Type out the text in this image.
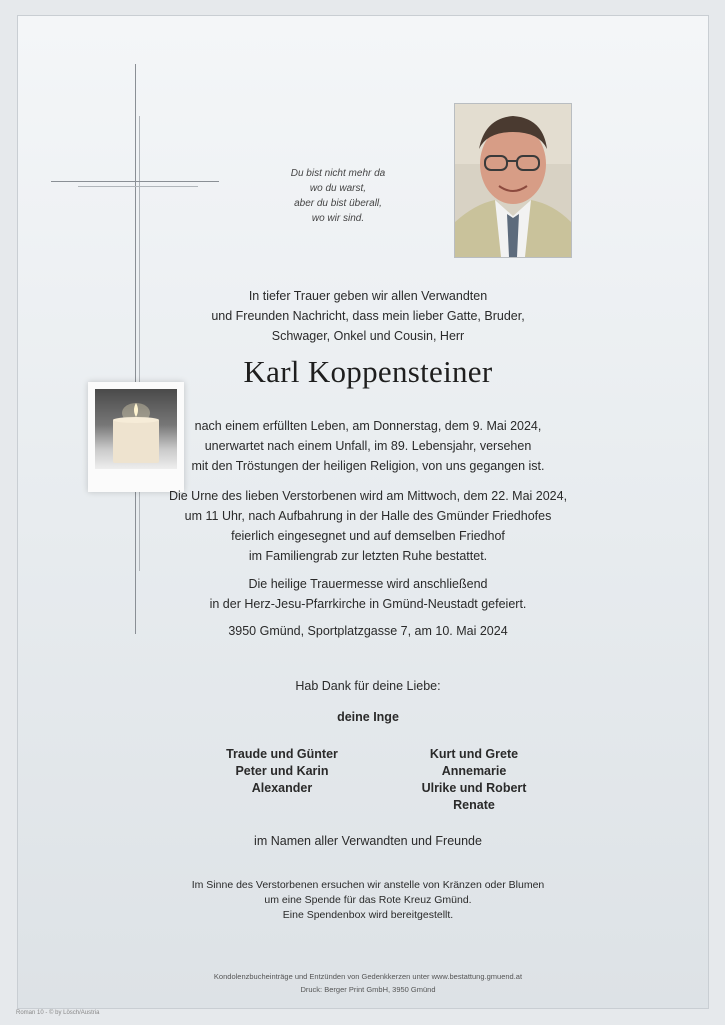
Du bist nicht mehr da
wo du warst,
aber du bist überall,
wo wir sind.
In tiefer Trauer geben wir allen Verwandten
und Freunden Nachricht, dass mein lieber Gatte, Bruder,
Schwager, Onkel und Cousin, Herr
Karl Koppensteiner
nach einem erfüllten Leben, am Donnerstag, dem 9. Mai 2024,
unerwartet nach einem Unfall, im 89. Lebensjahr, versehen
mit den Tröstungen der heiligen Religion, von uns gegangen ist.
Die Urne des lieben Verstorbenen wird am Mittwoch, dem 22. Mai 2024,
um 11 Uhr, nach Aufbahrung in der Halle des Gmünder Friedhofes
feierlich eingesegnet und auf demselben Friedhof
im Familiengrab zur letzten Ruhe bestattet.
Die heilige Trauermesse wird anschließend
in der Herz-Jesu-Pfarrkirche in Gmünd-Neustadt gefeiert.
3950 Gmünd, Sportplatzgasse 7, am 10. Mai 2024
Hab Dank für deine Liebe:
deine Inge
Traude und Günter
Peter und Karin
Alexander
Kurt und Grete
Annemarie
Ulrike und Robert
Renate
im Namen aller Verwandten und Freunde
Im Sinne des Verstorbenen ersuchen wir anstelle von Kränzen oder Blumen
um eine Spende für das Rote Kreuz Gmünd.
Eine Spendenbox wird bereitgestellt.
Kondolenzbucheinträge und Entzünden von Gedenkkerzen unter www.bestattung.gmuend.at
Druck: Berger Print GmbH, 3950 Gmünd
Roman 10 - © by Lösch/Austria
